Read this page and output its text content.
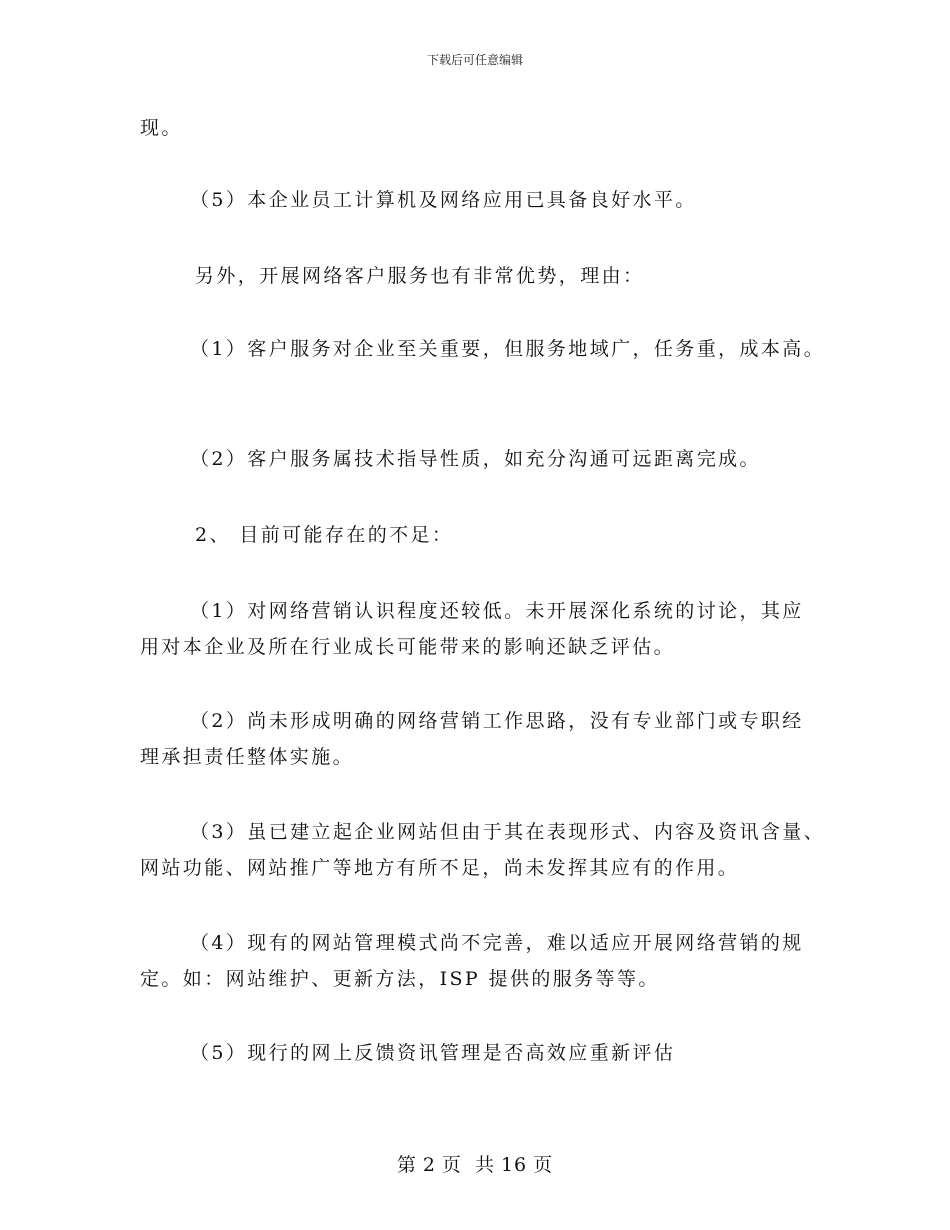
下载后可任意编辑
现。
（5）本企业员工计算机及网络应用已具备良好水平。
另外，开展网络客户服务也有非常优势，理由：
（1）客户服务对企业至关重要，但服务地域广，任务重，成本高。
（2）客户服务属技术指导性质，如充分沟通可远距离完成。
2、 目前可能存在的不足：
（1）对网络营销认识程度还较低。未开展深化系统的讨论，其应
用对本企业及所在行业成长可能带来的影响还缺乏评估。
（2）尚未形成明确的网络营销工作思路，没有专业部门或专职经
理承担责任整体实施。
（3）虽已建立起企业网站但由于其在表现形式、内容及资讯含量、
网站功能、网站推广等地方有所不足，尚未发挥其应有的作用。
（4）现有的网站管理模式尚不完善，难以适应开展网络营销的规
定。如：网站维护、更新方法，ISP 提供的服务等等。
（5）现行的网上反馈资讯管理是否高效应重新评估
第 2 页 共 16 页
